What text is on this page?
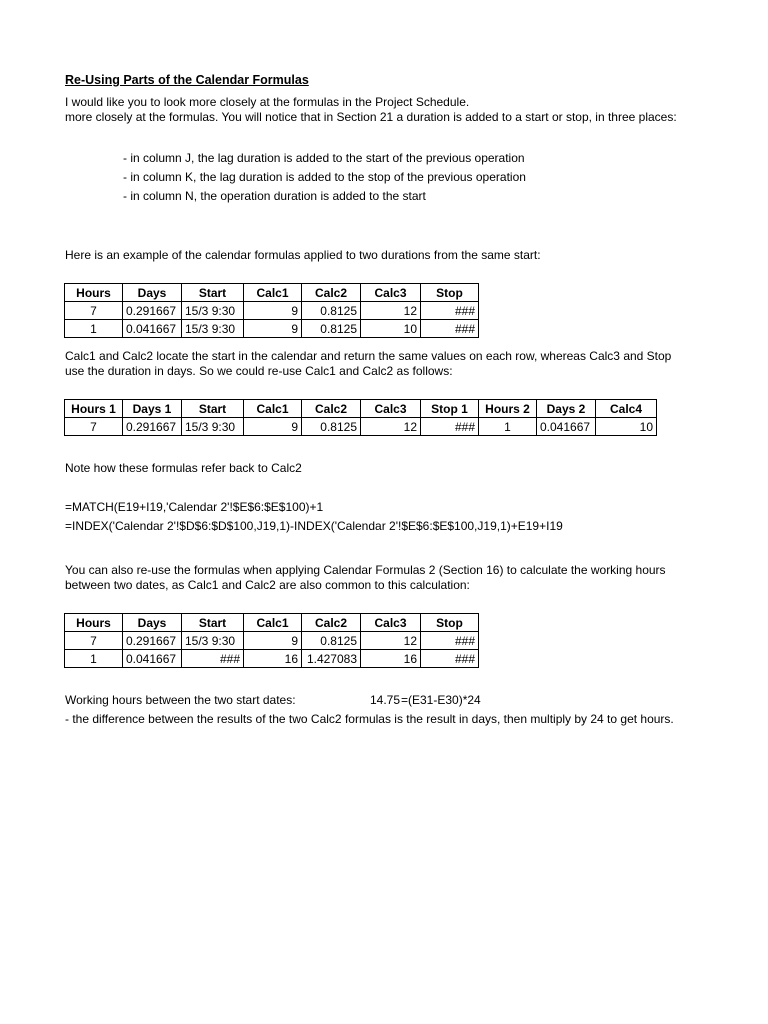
Re-Using Parts of the Calendar Formulas
I would like you to look more closely at the formulas in the Project Schedule.
more closely at the formulas. You will notice that in Section 21 a duration is added to a start or stop, in three places:
- in column J, the lag duration is added to the start of the previous operation
- in column K, the lag duration is added to the stop of the previous operation
- in column N, the operation duration is added to the start
Here is an example of the calendar formulas applied to two durations from the same start:
Hours	Days	Start	Calc1	Calc2	Calc3	Stop
7	0.291667	15/3 9:30	9	0.8125	12	###
1	0.041667	15/3 9:30	9	0.8125	10	###
Calc1 and Calc2 locate the start in the calendar and return the same values on each row, whereas Calc3 and Stop
use the duration in days. So we could re-use Calc1 and Calc2 as follows:
Hours 1	Days 1	Start	Calc1	Calc2	Calc3	Stop 1	Hours 2	Days 2	Calc4
7	0.291667	15/3 9:30	9	0.8125	12	###	1	0.041667	10
Note how these formulas refer back to Calc2
=MATCH(E19+I19,'Calendar 2'!$E$6:$E$100)+1
=INDEX('Calendar 2'!$D$6:$D$100,J19,1)-INDEX('Calendar 2'!$E$6:$E$100,J19,1)+E19+I19
You can also re-use the formulas when applying Calendar Formulas 2 (Section 16) to calculate the working hours
between two dates, as Calc1 and Calc2 are also common to this calculation:
Hours	Days	Start	Calc1	Calc2	Calc3	Stop
7	0.291667	15/3 9:30	9	0.8125	12	###
1	0.041667	###	16	1.427083	16	###
Working hours between the two start dates:	14.75 =(E31-E30)*24
- the difference between the results of the two Calc2 formulas is the result in days, then multiply by 24 to get hours.
